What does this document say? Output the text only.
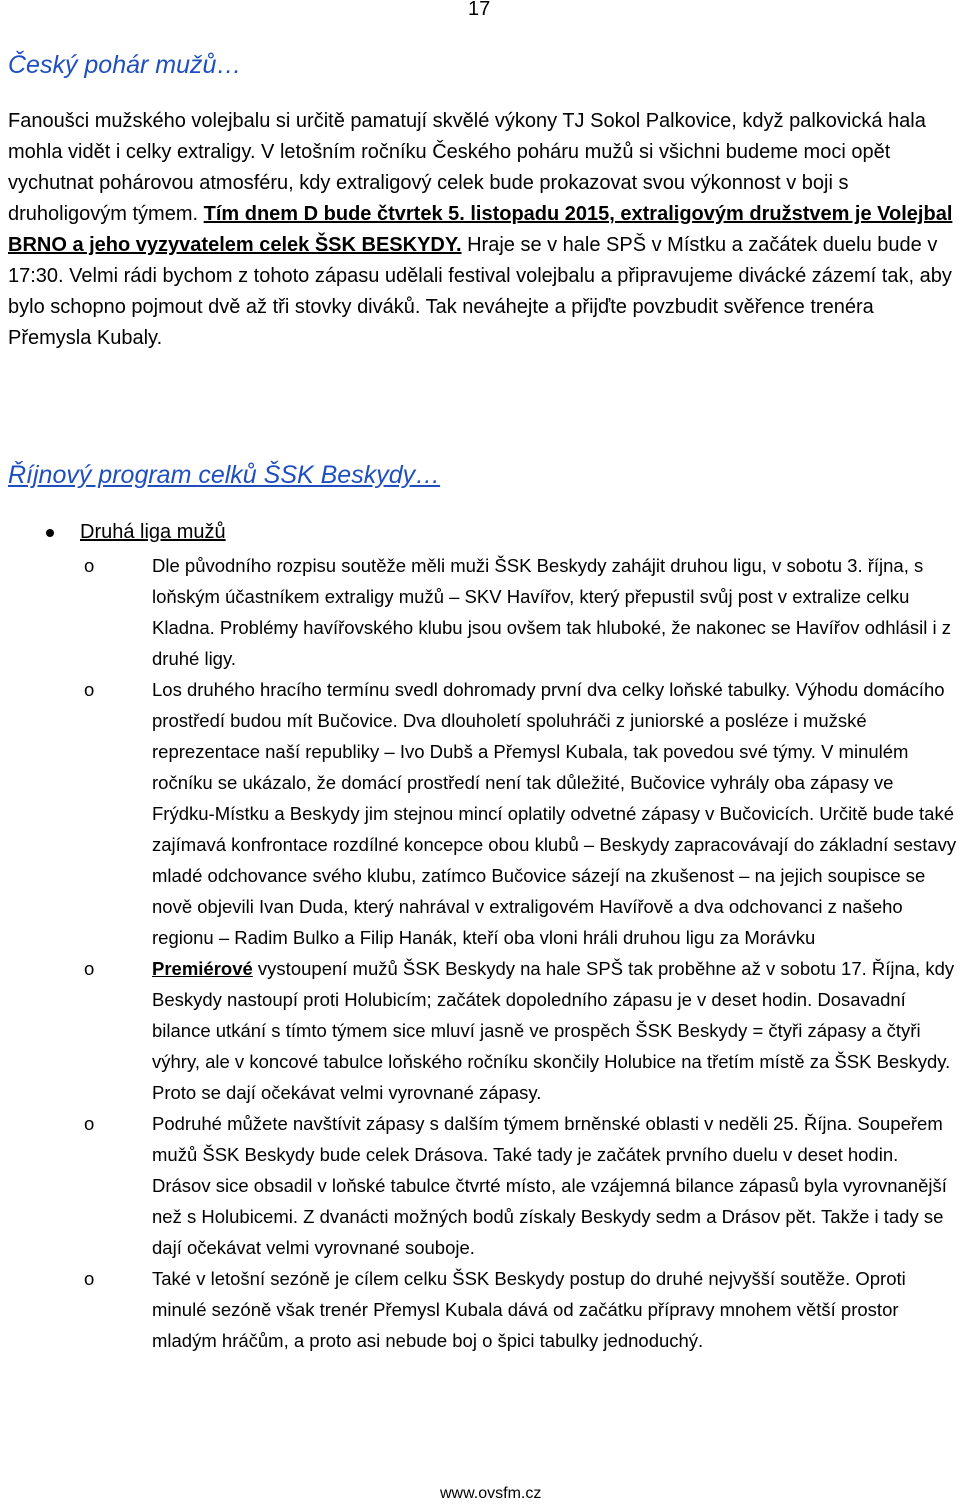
17
Český pohár mužů…

Fanoušci mužského volejbalu si určitě pamatují skvělé výkony TJ Sokol Palkovice, když palkovická hala mohla vidět i celky extraligy. V letošním ročníku Českého poháru mužů si všichni budeme moci opět vychutnat pohárovou atmosféru, kdy extraligový celek bude prokazovat svou výkonnost v boji s druholigovým týmem. Tím dnem D bude čtvrtek 5. listopadu 2015, extraligovým družstvem je Volejbal BRNO a jeho vyzyvatelem celek ŠSK BESKYDY. Hraje se v hale SPŠ v Místku a začátek duelu bude v 17:30. Velmi rádi bychom z tohoto zápasu udělali festival volejbalu a připravujeme divácké zázemí tak, aby bylo schopno pojmout dvě až tři stovky diváků. Tak neváhejte a přijďte povzbudit svěřence trenéra Přemysla Kubaly.

Říjnový program celků ŠSK Beskydy…
Druhá liga mužů
o	Dle původního rozpisu soutěže měli muži ŠSK Beskydy zahájit druhou ligu, v sobotu 3. října, s loňským účastníkem extraligy mužů – SKV Havířov, který přepustil svůj post v extralize celku Kladna. Problémy havířovského klubu jsou ovšem tak hluboké, že nakonec se Havířov odhlásil i z druhé ligy.
o	Los druhého hracího termínu svedl dohromady první dva celky loňské tabulky. Výhodu domácího prostředí budou mít Bučovice. Dva dlouholetí spoluhráči z juniorské a posléze i mužské reprezentace naší republiky – Ivo Dubš a Přemysl Kubala, tak povedou své týmy. V minulém ročníku se ukázalo, že domácí prostředí není tak důležité, Bučovice vyhrály oba zápasy ve Frýdku-Místku a Beskydy jim stejnou mincí oplatily odvetné zápasy v Bučovicích. Určitě bude také zajímavá konfrontace rozdílné koncepce obou klubů – Beskydy zapracovávají do základní sestavy mladé odchovance svého klubu, zatímco Bučovice sázejí na zkušenost – na jejich soupisce se nově objevili Ivan Duda, který nahrával v extraligovém Havířově a dva odchovanci z našeho regionu – Radim Bulko a Filip Hanák, kteří oba vloni hráli druhou ligu za Morávku
o	Premiérové vystoupení mužů ŠSK Beskydy na hale SPŠ tak proběhne až v sobotu 17. Října, kdy Beskydy nastoupí proti Holubicím; začátek dopoledního zápasu je v deset hodin. Dosavadní bilance utkání s tímto týmem sice mluví jasně ve prospěch ŠSK Beskydy = čtyři zápasy a čtyři výhry, ale v koncové tabulce loňského ročníku skončily Holubice na třetím místě za ŠSK Beskydy. Proto se dají očekávat velmi vyrovnané zápasy.
o	Podruhé můžete navštívit zápasy s dalším týmem brněnské oblasti v neděli 25. Října. Soupeřem mužů ŠSK Beskydy bude celek Drásova. Také tady je začátek prvního duelu v deset hodin. Drásov sice obsadil v loňské tabulce čtvrté místo, ale vzájemná bilance zápasů byla vyrovnanější než s Holubicemi. Z dvanácti možných bodů získaly Beskydy sedm a Drásov pět. Takže i tady se dají očekávat velmi vyrovnané souboje.
o	Také v letošní sezóně je cílem celku ŠSK Beskydy postup do druhé nejvyšší soutěže. Oproti minulé sezóně však trenér Přemysl Kubala dává od začátku přípravy mnohem větší prostor mladým hráčům, a proto asi nebude boj o špici tabulky jednoduchý.
www.ovsfm.cz
